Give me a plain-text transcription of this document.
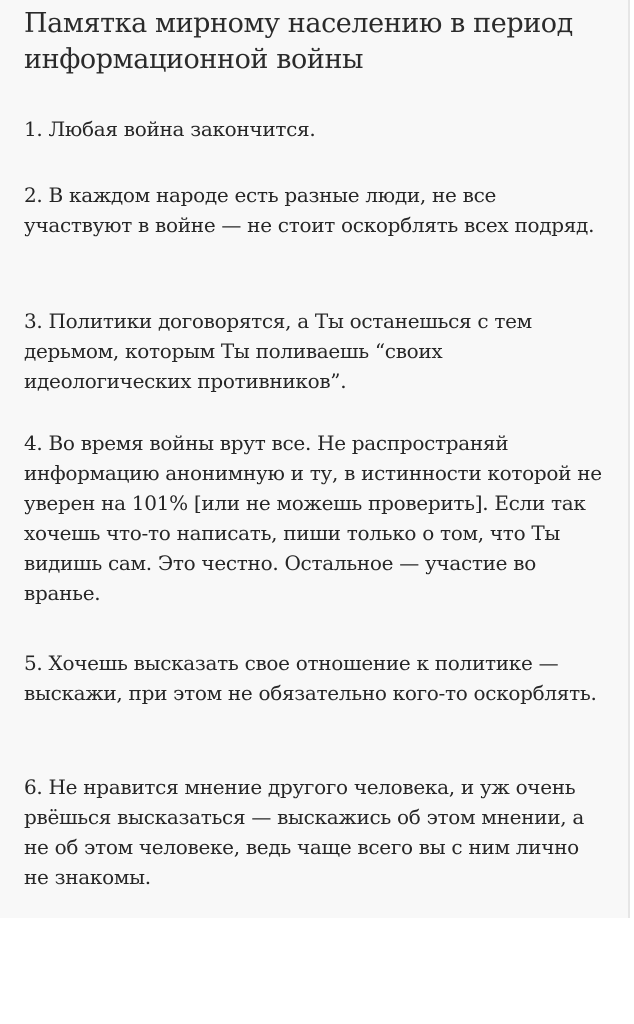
Памятка мирному населению в период информационной войны

1. Любая война закончится.

2. В каждом народе есть разные люди, не все участвуют в войне — не стоит оскорблять всех подряд.

3. Политики договорятся, а Ты останешься с тем дерьмом, которым Ты поливаешь “своих идеологических противников”.

4. Во время войны врут все. Не распространяй информацию анонимную и ту, в истинности которой не уверен на 101% [или не можешь проверить]. Если так хочешь что-то написать, пиши только о том, что Ты видишь сам. Это честно. Остальное — участие во вранье.

5. Хочешь высказать свое отношение к политике — выскажи, при этом не обязательно кого-то оскорблять.

6. Не нравится мнение другого человека, и уж очень рвёшься высказаться — выскажись об этом мнении, а не об этом человеке, ведь чаще всего вы с ним лично не знакомы.

Отправить сообщение
